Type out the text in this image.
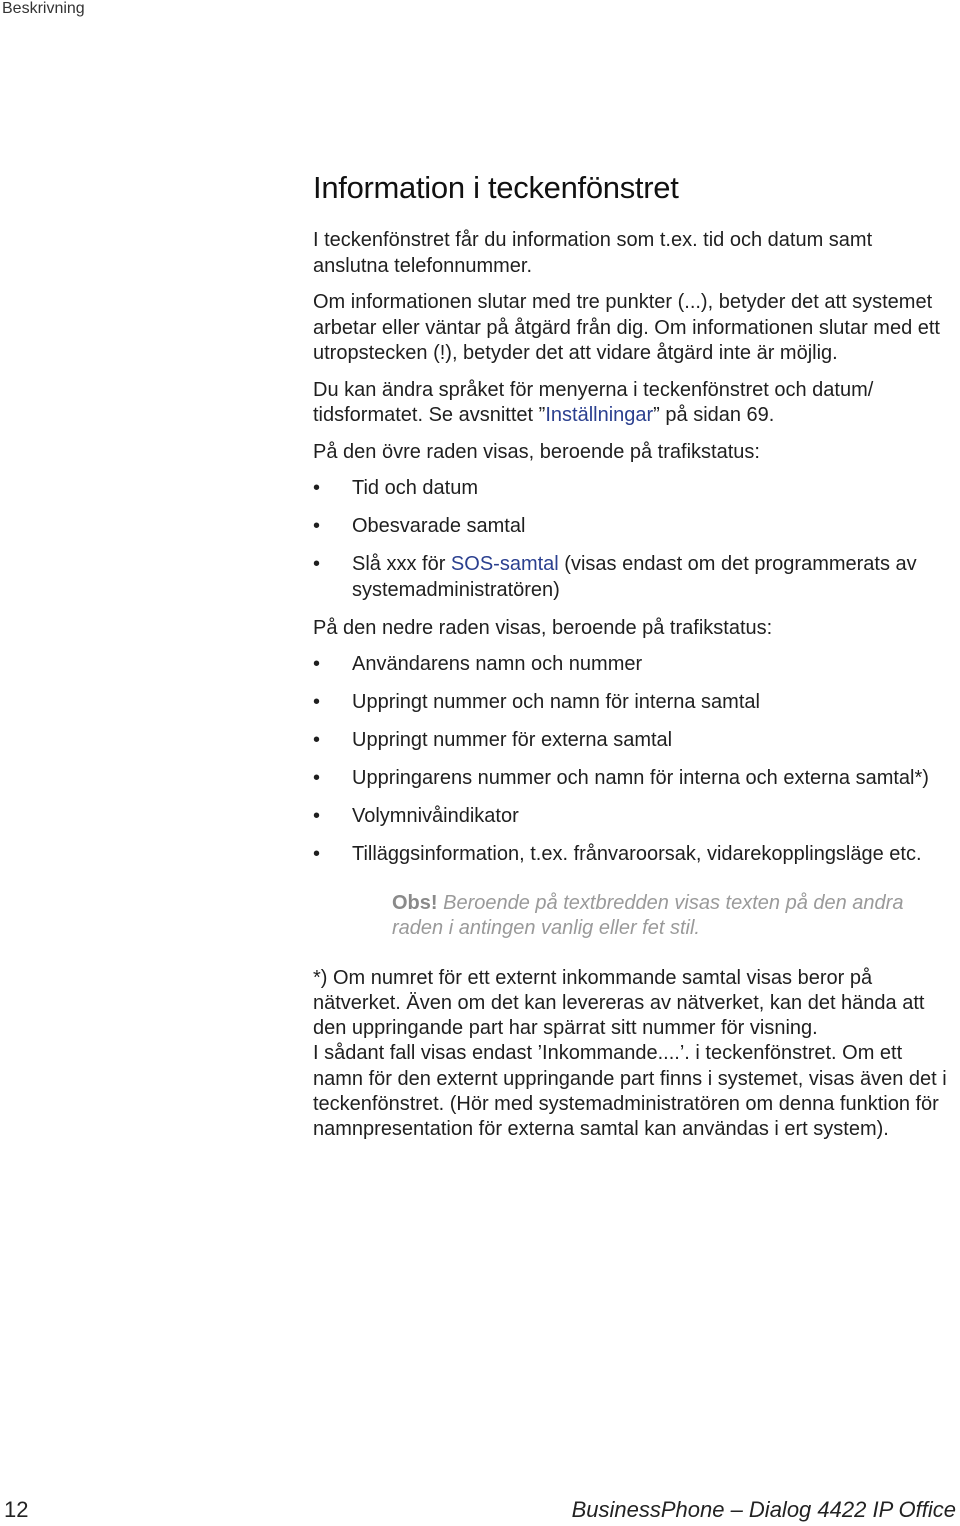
Beskrivning
Information i teckenfönstret

I teckenfönstret får du information som t.ex. tid och datum samt anslutna telefonnummer.

Om informationen slutar med tre punkter (...), betyder det att systemet arbetar eller väntar på åtgärd från dig. Om informationen slutar med ett utropstecken (!), betyder det att vidare åtgärd inte är möjlig.

Du kan ändra språket för menyerna i teckenfönstret och datum/ tidsformatet. Se avsnittet ”Inställningar” på sidan 69.

På den övre raden visas, beroende på trafikstatus:

•	Tid och datum
•	Obesvarade samtal
•	Slå xxx för SOS-samtal (visas endast om det programmerats av systemadministratören)

På den nedre raden visas, beroende på trafikstatus:

•	Användarens namn och nummer
•	Uppringt nummer och namn för interna samtal
•	Uppringt nummer för externa samtal
•	Uppringarens nummer och namn för interna och externa samtal*)
•	Volymnivåindikator
•	Tilläggsinformation, t.ex. frånvaroorsak, vidarekopplingsläge etc.
Obs! Beroende på textbredden visas texten på den andra raden i antingen vanlig eller fet stil.

*) Om numret för ett externt inkommande samtal visas beror på nätverket. Även om det kan levereras av nätverket, kan det hända att den uppringande part har spärrat sitt nummer för visning.
I sådant fall visas endast ’Inkommande....’. i teckenfönstret. Om ett namn för den externt uppringande part finns i systemet, visas även det i teckenfönstret. (Hör med systemadministratören om denna funktion för namnpresentation för externa samtal kan användas i ert system).

12	BusinessPhone – Dialog 4422 IP Office
